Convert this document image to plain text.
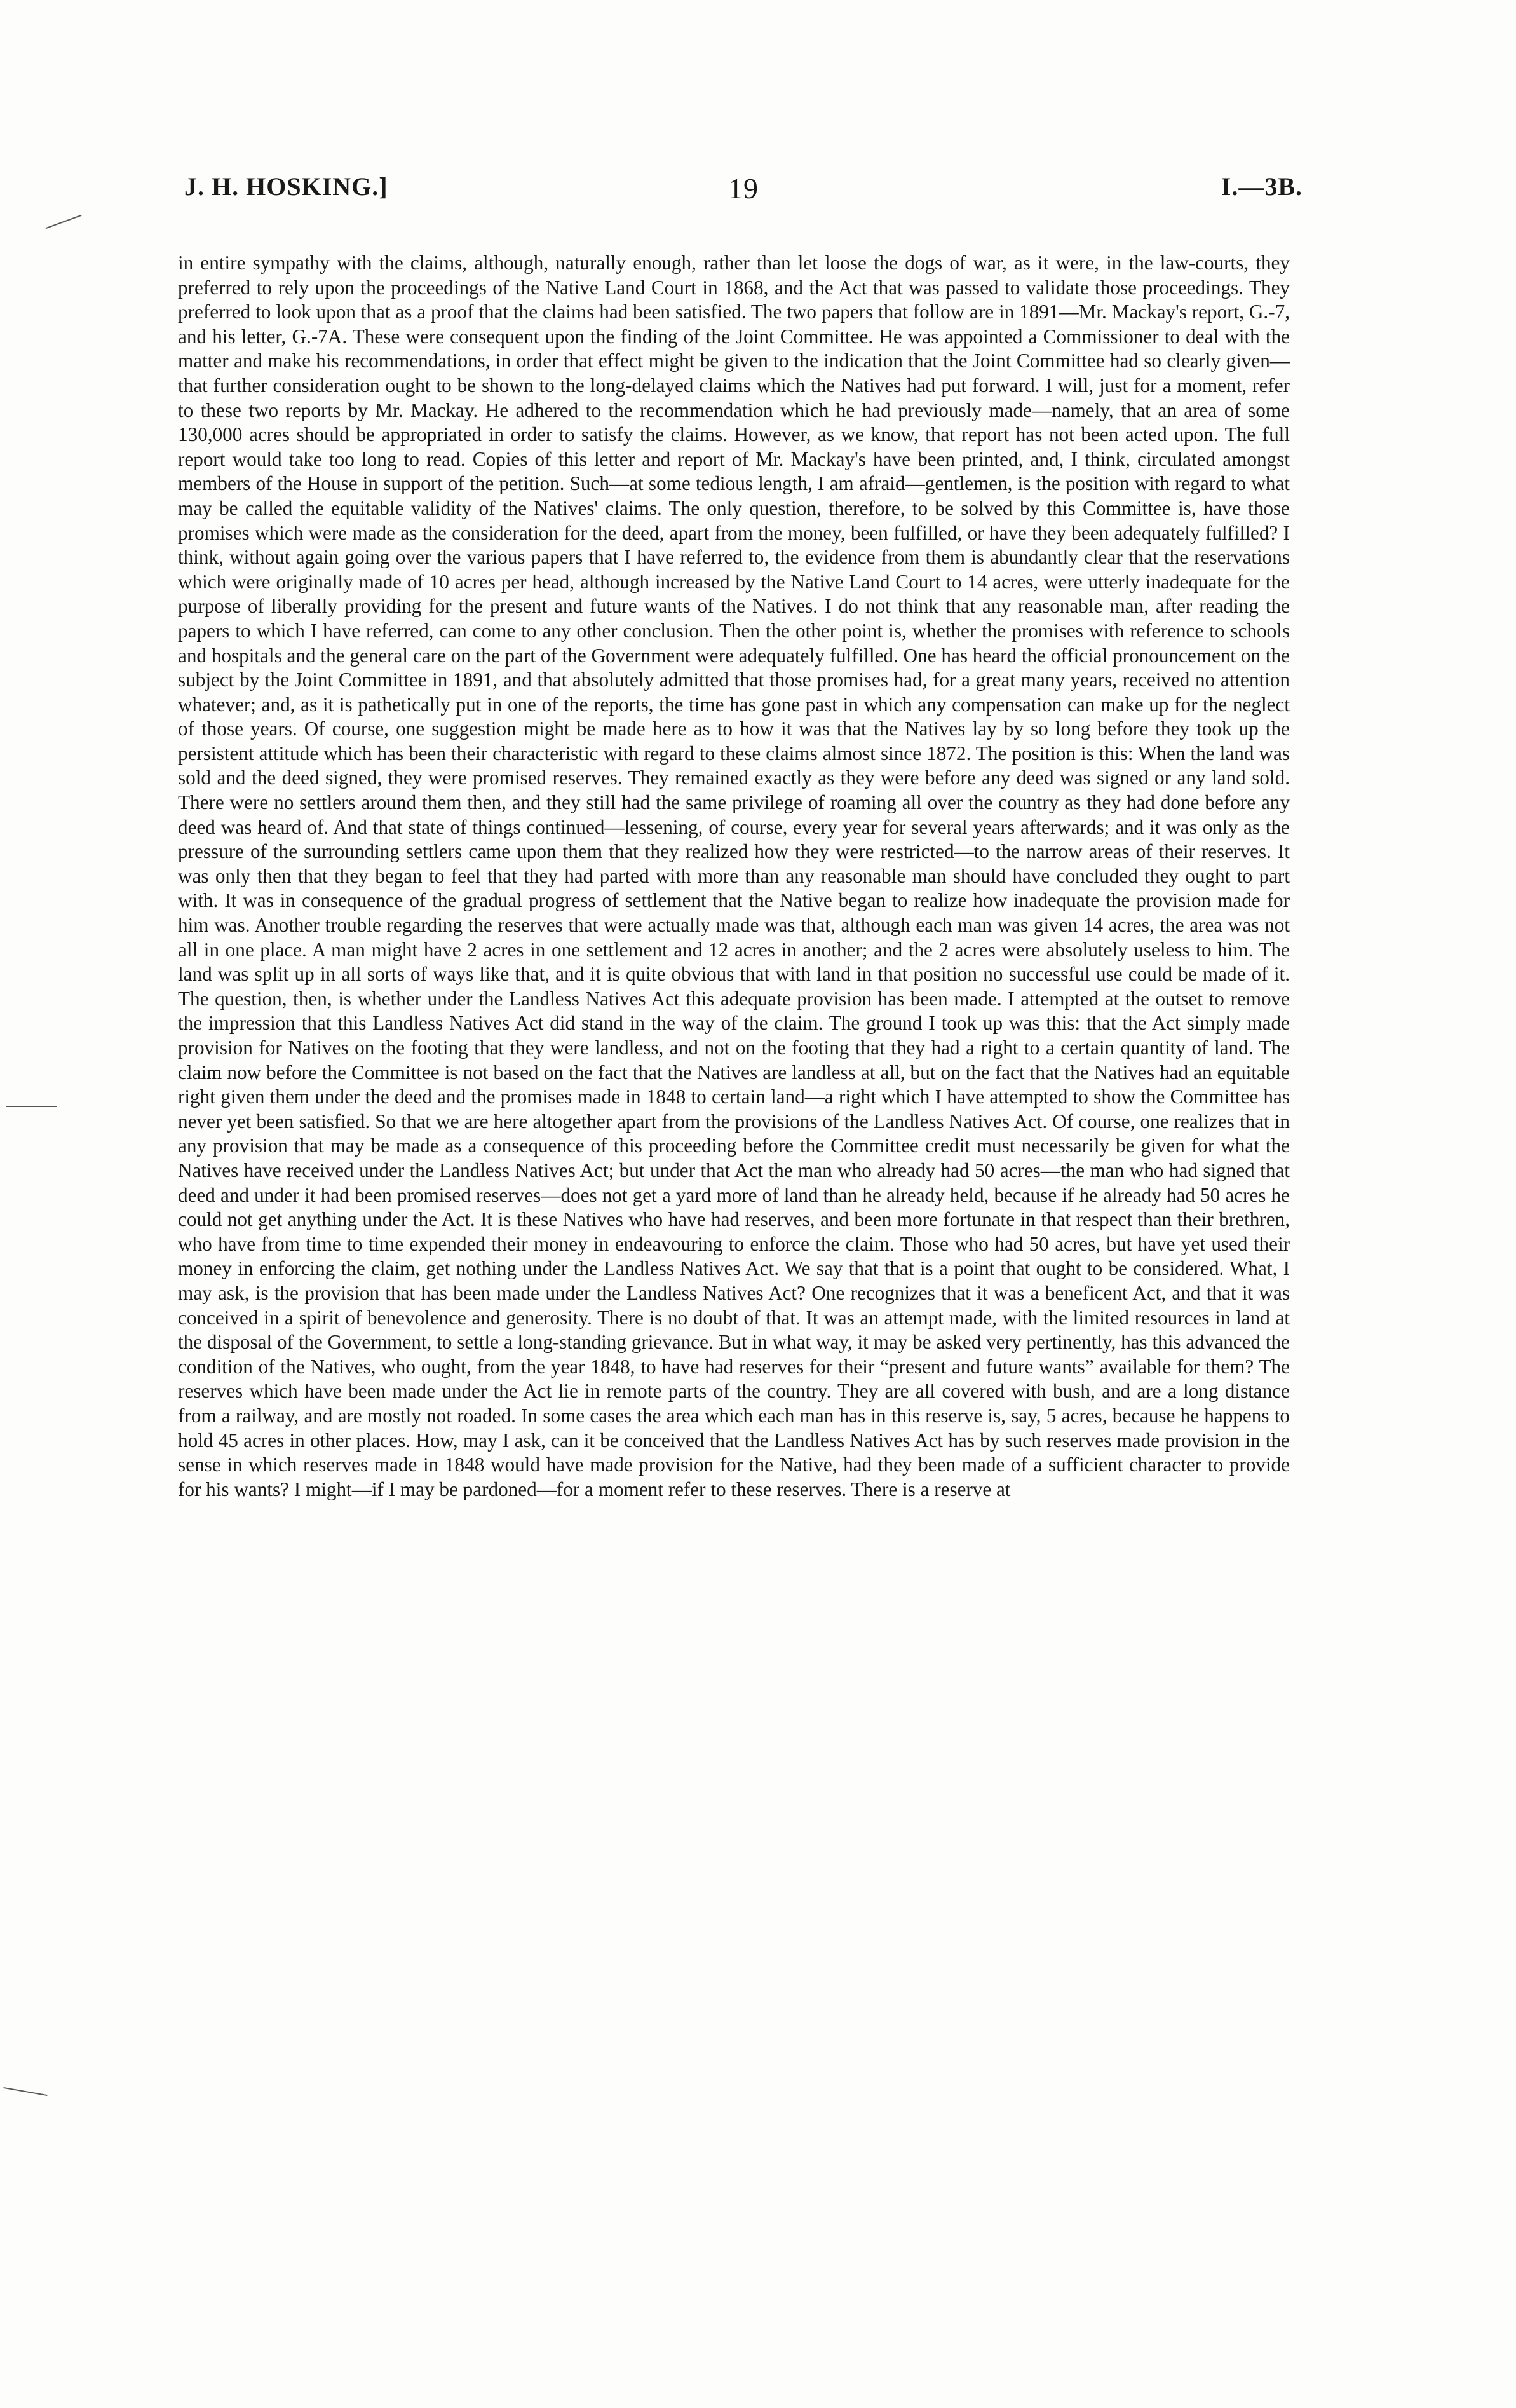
J. H. HOSKING.]	19	I.—3B.

in entire sympathy with the claims, although, naturally enough, rather than let loose the dogs of war, as it were, in the law-courts, they preferred to rely upon the proceedings of the Native Land Court in 1868, and the Act that was passed to validate those proceedings. They preferred to look upon that as a proof that the claims had been satisfied. The two papers that follow are in 1891—Mr. Mackay's report, G.-7, and his letter, G.-7A. These were consequent upon the finding of the Joint Committee. He was appointed a Commissioner to deal with the matter and make his recommendations, in order that effect might be given to the indication that the Joint Committee had so clearly given—that further consideration ought to be shown to the long-delayed claims which the Natives had put forward. I will, just for a moment, refer to these two reports by Mr. Mackay. He adhered to the recommendation which he had previously made—namely, that an area of some 130,000 acres should be appropriated in order to satisfy the claims. However, as we know, that report has not been acted upon. The full report would take too long to read. Copies of this letter and report of Mr. Mackay's have been printed, and, I think, circulated amongst members of the House in support of the petition. Such—at some tedious length, I am afraid—gentlemen, is the position with regard to what may be called the equitable validity of the Natives' claims. The only question, therefore, to be solved by this Committee is, have those promises which were made as the consideration for the deed, apart from the money, been fulfilled, or have they been adequately fulfilled? I think, without again going over the various papers that I have referred to, the evidence from them is abundantly clear that the reservations which were originally made of 10 acres per head, although increased by the Native Land Court to 14 acres, were utterly inadequate for the purpose of liberally providing for the present and future wants of the Natives. I do not think that any reasonable man, after reading the papers to which I have referred, can come to any other conclusion. Then the other point is, whether the promises with reference to schools and hospitals and the general care on the part of the Government were adequately fulfilled. One has heard the official pronouncement on the subject by the Joint Committee in 1891, and that absolutely admitted that those promises had, for a great many years, received no attention whatever; and, as it is pathetically put in one of the reports, the time has gone past in which any compensation can make up for the neglect of those years. Of course, one suggestion might be made here as to how it was that the Natives lay by so long before they took up the persistent attitude which has been their characteristic with regard to these claims almost since 1872. The position is this: When the land was sold and the deed signed, they were promised reserves. They remained exactly as they were before any deed was signed or any land sold. There were no settlers around them then, and they still had the same privilege of roaming all over the country as they had done before any deed was heard of. And that state of things continued—lessening, of course, every year for several years afterwards; and it was only as the pressure of the surrounding settlers came upon them that they realized how they were restricted—to the narrow areas of their reserves. It was only then that they began to feel that they had parted with more than any reasonable man should have concluded they ought to part with. It was in consequence of the gradual progress of settlement that the Native began to realize how inadequate the provision made for him was. Another trouble regarding the reserves that were actually made was that, although each man was given 14 acres, the area was not all in one place. A man might have 2 acres in one settlement and 12 acres in another; and the 2 acres were absolutely useless to him. The land was split up in all sorts of ways like that, and it is quite obvious that with land in that position no successful use could be made of it. The question, then, is whether under the Landless Natives Act this adequate provision has been made. I attempted at the outset to remove the impression that this Landless Natives Act did stand in the way of the claim. The ground I took up was this: that the Act simply made provision for Natives on the footing that they were landless, and not on the footing that they had a right to a certain quantity of land. The claim now before the Committee is not based on the fact that the Natives are landless at all, but on the fact that the Natives had an equitable right given them under the deed and the promises made in 1848 to certain land—a right which I have attempted to show the Committee has never yet been satisfied. So that we are here altogether apart from the provisions of the Landless Natives Act. Of course, one realizes that in any provision that may be made as a consequence of this proceeding before the Committee credit must necessarily be given for what the Natives have received under the Landless Natives Act; but under that Act the man who already had 50 acres—the man who had signed that deed and under it had been promised reserves—does not get a yard more of land than he already held, because if he already had 50 acres he could not get anything under the Act. It is these Natives who have had reserves, and been more fortunate in that respect than their brethren, who have from time to time expended their money in endeavouring to enforce the claim. Those who had 50 acres, but have yet used their money in enforcing the claim, get nothing under the Landless Natives Act. We say that that is a point that ought to be considered. What, I may ask, is the provision that has been made under the Landless Natives Act? One recognizes that it was a beneficent Act, and that it was conceived in a spirit of benevolence and generosity. There is no doubt of that. It was an attempt made, with the limited resources in land at the disposal of the Government, to settle a long-standing grievance. But in what way, it may be asked very pertinently, has this advanced the condition of the Natives, who ought, from the year 1848, to have had reserves for their “present and future wants” available for them? The reserves which have been made under the Act lie in remote parts of the country. They are all covered with bush, and are a long distance from a railway, and are mostly not roaded. In some cases the area which each man has in this reserve is, say, 5 acres, because he happens to hold 45 acres in other places. How, may I ask, can it be conceived that the Landless Natives Act has by such reserves made provision in the sense in which reserves made in 1848 would have made provision for the Native, had they been made of a sufficient character to provide for his wants? I might—if I may be pardoned—for a moment refer to these reserves. There is a reserve at
